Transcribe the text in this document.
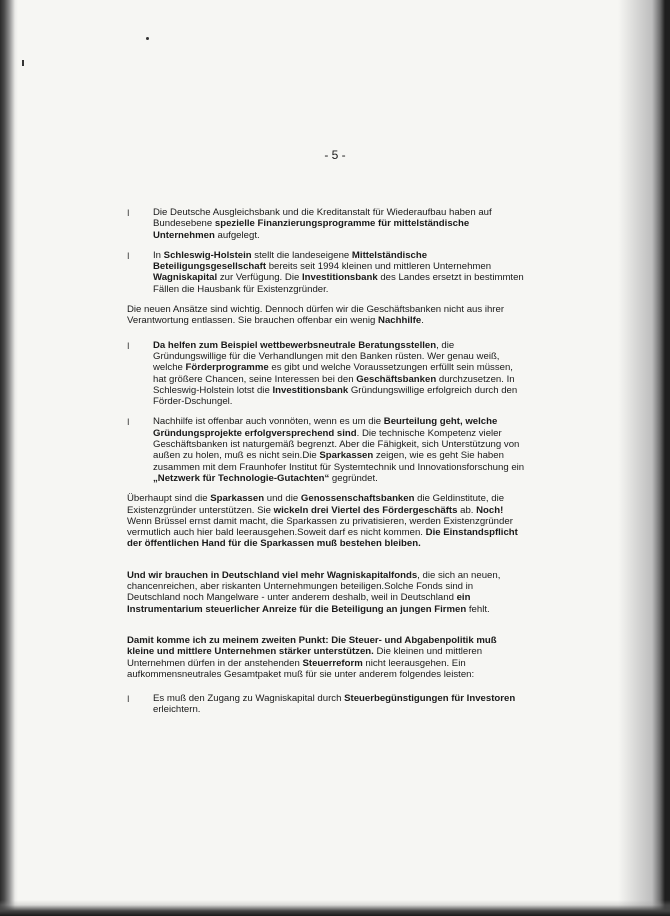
- 5 -
I Die Deutsche Ausgleichsbank und die Kreditanstalt für Wiederaufbau haben auf Bundesebene spezielle Finanzierungsprogramme für mittelständische Unternehmen aufgelegt.
I In Schleswig-Holstein stellt die landeseigene Mittelständische Beteiligungsgesellschaft bereits seit 1994 kleinen und mittleren Unternehmen Wagniskapital zur Verfügung. Die Investitionsbank des Landes ersetzt in bestimmten Fällen die Hausbank für Existenzgründer.

Die neuen Ansätze sind wichtig. Dennoch dürfen wir die Geschäftsbanken nicht aus ihrer Verantwortung entlassen. Sie brauchen offenbar ein wenig Nachhilfe.

I Da helfen zum Beispiel wettbewerbsneutrale Beratungsstellen, die Gründungswillige für die Verhandlungen mit den Banken rüsten. Wer genau weiß, welche Förderprogramme es gibt und welche Voraussetzungen erfüllt sein müssen, hat größere Chancen, seine Interessen bei den Geschäftsbanken durchzusetzen. In Schleswig-Holstein lotst die Investitionsbank Gründungswillige erfolgreich durch den Förder-Dschungel.
I Nachhilfe ist offenbar auch vonnöten, wenn es um die Beurteilung geht, welche Gründungsprojekte erfolgversprechend sind. Die technische Kompetenz vieler Geschäftsbanken ist naturgemäß begrenzt. Aber die Fähigkeit, sich Unterstützung von außen zu holen, muß es nicht sein.Die Sparkassen zeigen, wie es geht Sie haben zusammen mit dem Fraunhofer Institut für Systemtechnik und Innovationsforschung ein „Netzwerk für Technologie-Gutachten“ gegründet.

Überhaupt sind die Sparkassen und die Genossenschaftsbanken die Geldinstitute, die Existenzgründer unterstützen. Sie wickeln drei Viertel des Fördergeschäfts ab. Noch! Wenn Brüssel ernst damit macht, die Sparkassen zu privatisieren, werden Existenzgründer vermutlich auch hier bald leerausgehen.Soweit darf es nicht kommen. Die Einstandspflicht der öffentlichen Hand für die Sparkassen muß bestehen bleiben.

Und wir brauchen in Deutschland viel mehr Wagniskapitalfonds, die sich an neuen, chancenreichen, aber riskanten Unternehmungen beteiligen.Solche Fonds sind in Deutschland noch Mangelware - unter anderem deshalb, weil in Deutschland ein Instrumentarium steuerlicher Anreize für die Beteiligung an jungen Firmen fehlt.

Damit komme ich zu meinem zweiten Punkt: Die Steuer- und Abgabenpolitik muß kleine und mittlere Unternehmen stärker unterstützen. Die kleinen und mittleren Unternehmen dürfen in der anstehenden Steuerreform nicht leerausgehen. Ein aufkommensneutrales Gesamtpaket muß für sie unter anderem folgendes leisten:

I Es muß den Zugang zu Wagniskapital durch Steuerbegünstigungen für Investoren erleichtern.
